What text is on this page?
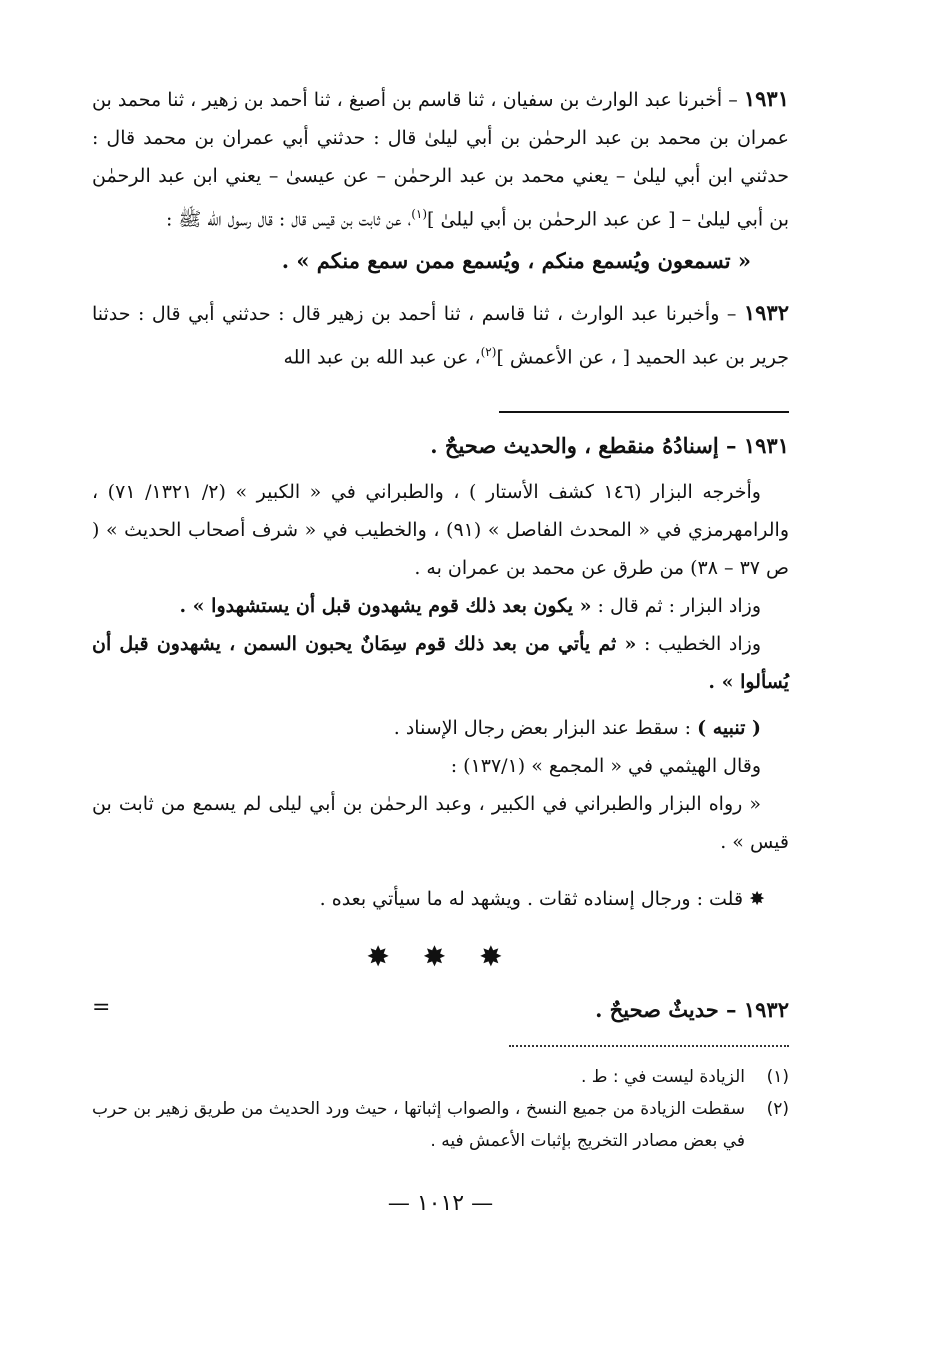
١٩٣١ – أخبرنا عبد الوارث بن سفيان ، ثنا قاسم بن أصبغ ، ثنا أحمد بن زهير ، ثنا محمد بن عمران بن محمد بن عبد الرحمٰن بن أبي ليلىٰ قال : حدثني أبي عمران بن محمد قال : حدثني ابن أبي ليلىٰ – يعني محمد بن عبد الرحمٰن – عن عيسىٰ – يعني ابن عبد الرحمٰن بن أبي ليلىٰ – [ عن عبد الرحمٰن بن أبي ليلىٰ ]$^{(١)}$، عن ثابت بن قيس قال : قال رسول الله ﷺ :

« تسمعون ويُسمع منكم ، ويُسمع ممن سمع منكم » .

١٩٣٢ – وأخبرنا عبد الوارث ، ثنا قاسم ، ثنا أحمد بن زهير قال : حدثني أبي قال : حدثنا جرير بن عبد الحميد [ ، عن الأعمش ]$^{(٢)}$، عن عبد الله بن عبد الله

١٩٣١ – إسنادُهُ منقطع ، والحديث صحيحٌ .

وأخرجه البزار (١٤٦ كشف الأستار ) ، والطبراني في « الكبير » (٢/ ١٣٢١/ ٧١) ، والرامهرمزي في « المحدث الفاصل » (٩١) ، والخطيب في « شرف أصحاب الحديث » ( ص ٣٧ – ٣٨) من طرق عن محمد بن عمران به .

وزاد البزار : ثم قال : « يكون بعد ذلك قوم يشهدون قبل أن يستشهدوا » .

وزاد الخطيب : « ثم يأتي من بعد ذلك قوم سِمَانٌ يحبون السمن ، يشهدون قبل أن يُسألوا » .

( تنبيه ) : سقط عند البزار بعض رجال الإسناد .

وقال الهيثمي في « المجمع » (١٣٧/١) :

« رواه البزار والطبراني في الكبير ، وعبد الرحمٰن بن أبي ليلى لم يسمع من ثابت بن قيس » .

✸ قلت : ورجال إسناده ثقات . ويشهد له ما سيأتي بعده .

✸ ✸ ✸

١٩٣٢ – حديثٌ صحيحٌ .

=

(١)
الزيادة ليست في : ط .

(٢)
سقطت الزيادة من جميع النسخ ، والصواب إثباتها ، حيث ورد الحديث من طريق زهير بن حرب في بعض مصادر التخريج بإثبات الأعمش فيه .

— ١٠١٢ —
